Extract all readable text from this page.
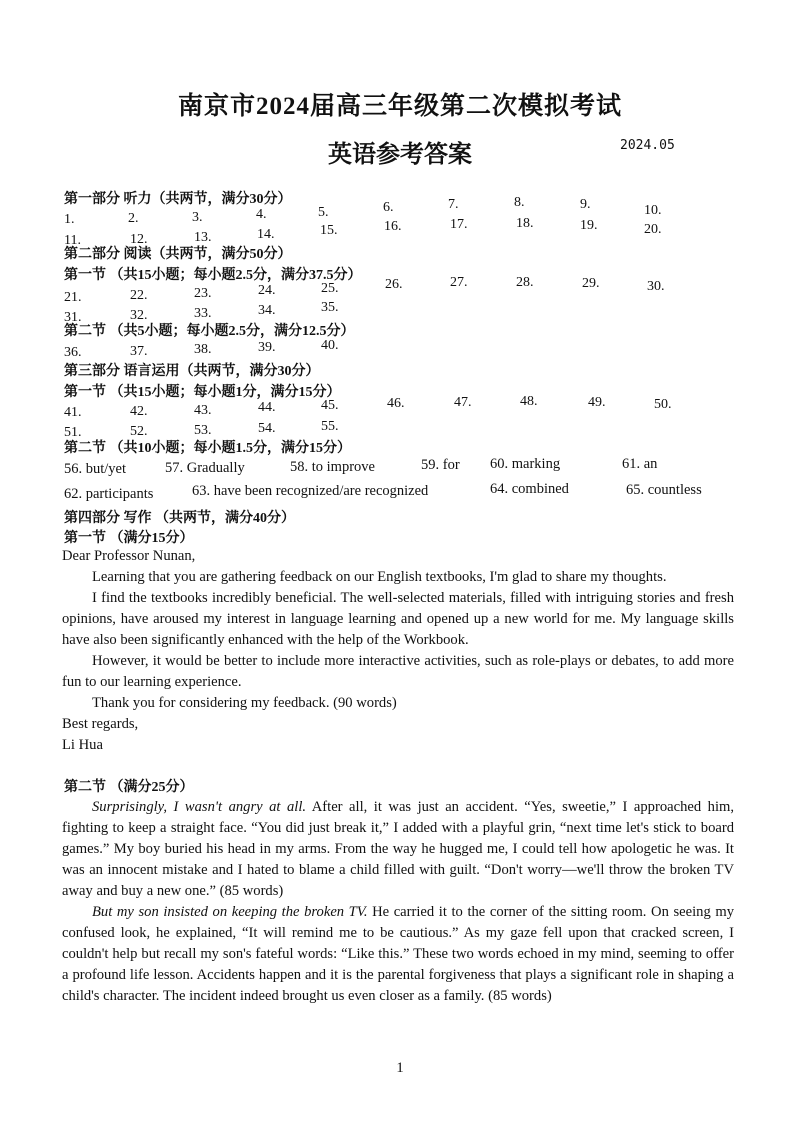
南京市2024届高三年级第二次模拟考试
英语参考答案	2024.05
第一部分 听力（共两节，满分30分）
1.	2.	3.	4.	5.	6.	7.	8.	9.	10.
11.	12.	13.	14.	15.	16.	17.	18.	19.	20.
第二部分 阅读（共两节，满分50分）
第一节 （共15小题；每小题2.5分，满分37.5分）
21.	22.	23.	24.	25.	26.	27.	28.	29.	30.
31.	32.	33.	34.	35.
第二节 （共5小题；每小题2.5分，满分12.5分）
36.	37.	38.	39.	40.
第三部分 语言运用（共两节，满分30分）
第一节 （共15小题；每小题1分，满分15分）
41.	42.	43.	44.	45.	46.	47.	48.	49.	50.
51.	52.	53.	54.	55.
第二节 （共10小题；每小题1.5分，满分15分）
56. but/yet	57. Gradually	58. to improve	59. for 60. marking	61. an
62. participants	63. have been recognized/are recognized	64. combined	65. countless
第四部分 写作 （共两节，满分40分）
第一节 （满分15分）

Dear Professor Nunan,

Learning that you are gathering feedback on our English textbooks, I'm glad to share my thoughts.

I find the textbooks incredibly beneficial. The well-selected materials, filled with intriguing stories and fresh opinions, have aroused my interest in language learning and opened up a new world for me. My language skills have also been significantly enhanced with the help of the Workbook.

However, it would be better to include more interactive activities, such as role-plays or debates, to add more fun to our learning experience.

Thank you for considering my feedback. (90 words)

Best regards,

Li Hua

第二节 （满分25分）

Surprisingly, I wasn't angry at all. After all, it was just an accident. “Yes, sweetie,” I approached him, fighting to keep a straight face. “You did just break it,” I added with a playful grin, “next time let's stick to board games.” My boy buried his head in my arms. From the way he hugged me, I could tell how apologetic he was. It was an innocent mistake and I hated to blame a child filled with guilt. “Don't worry—we'll throw the broken TV away and buy a new one.” (85 words)

But my son insisted on keeping the broken TV. He carried it to the corner of the sitting room. On seeing my confused look, he explained, “It will remind me to be cautious.” As my gaze fell upon that cracked screen, I couldn't help but recall my son's fateful words: “Like this.” These two words echoed in my mind, seeming to offer a profound life lesson. Accidents happen and it is the parental forgiveness that plays a significant role in shaping a child's character. The incident indeed brought us even closer as a family. (85 words)

1
